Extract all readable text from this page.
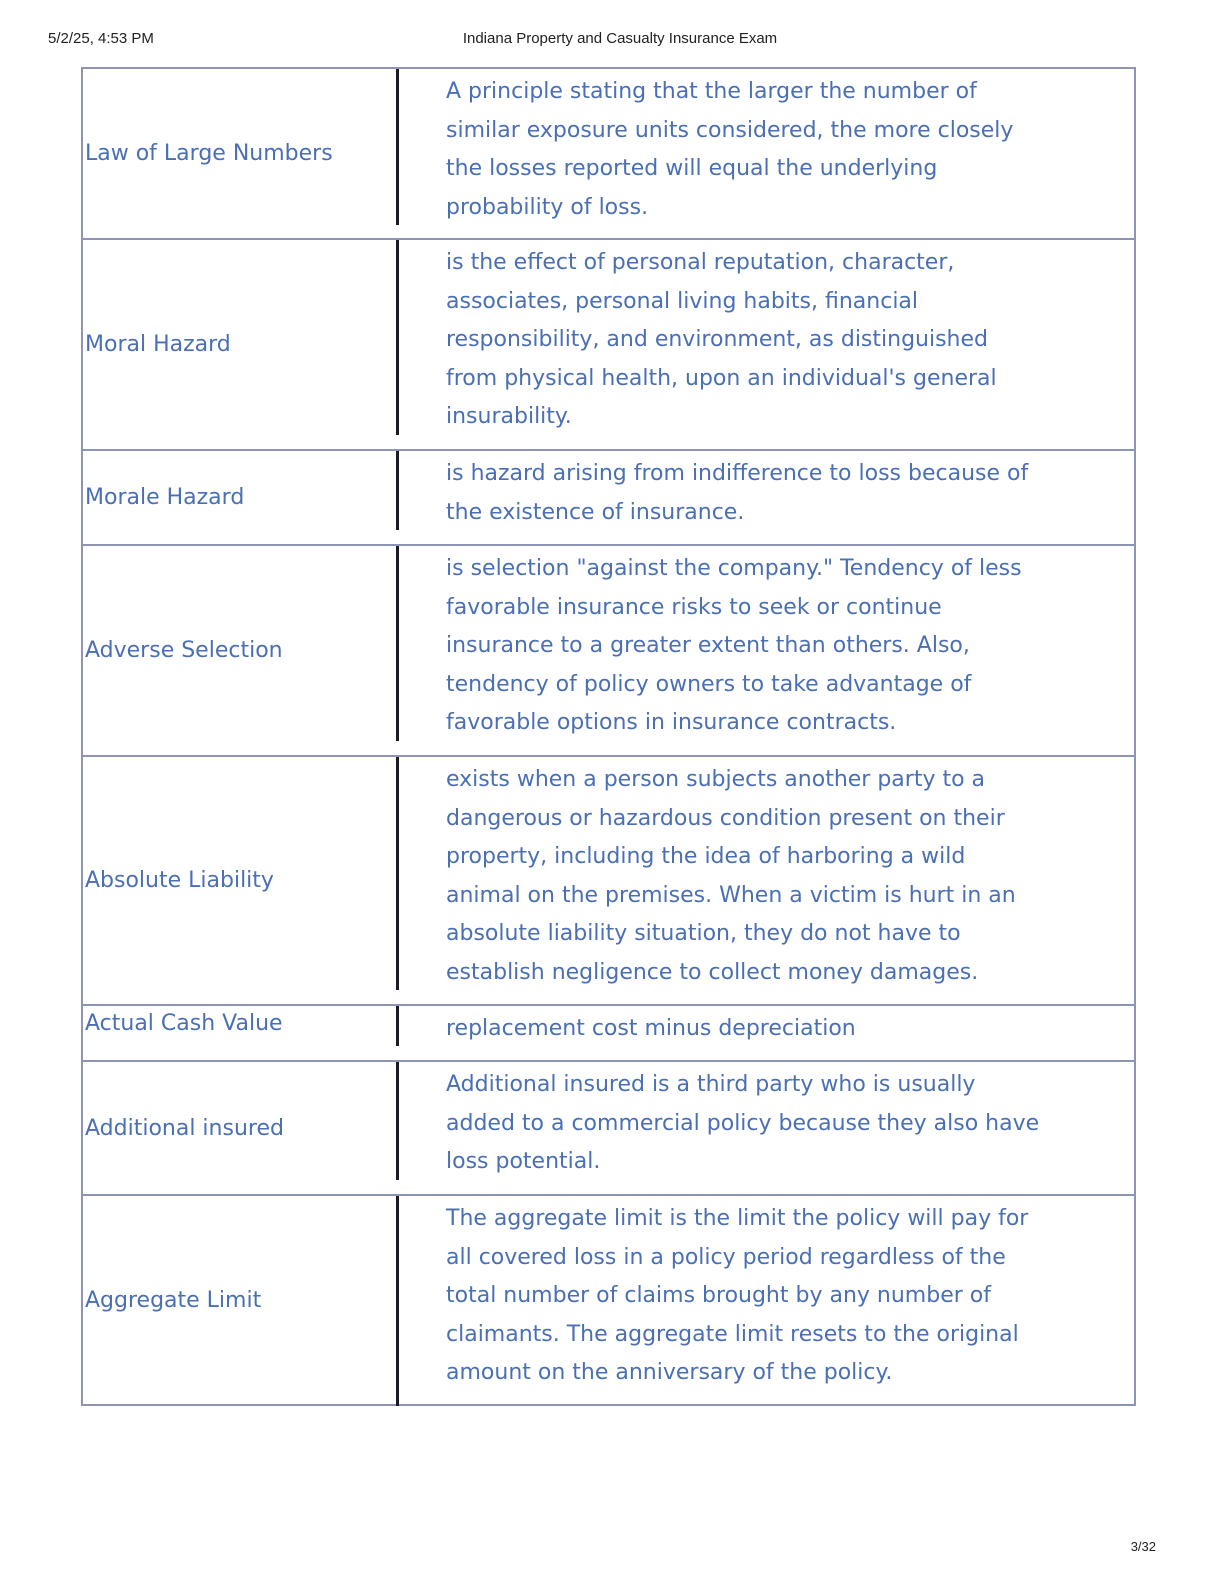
5/2/25, 4:53 PM	Indiana Property and Casualty Insurance Exam
Law of Large Numbers
A principle stating that the larger the number of similar exposure units considered, the more closely the losses reported will equal the underlying probability of loss.
Moral Hazard
is the effect of personal reputation, character, associates, personal living habits, financial responsibility, and environment, as distinguished from physical health, upon an individual's general insurability.
Morale Hazard
is hazard arising from indifference to loss because of the existence of insurance.
Adverse Selection
is selection "against the company." Tendency of less favorable insurance risks to seek or continue insurance to a greater extent than others. Also, tendency of policy owners to take advantage of favorable options in insurance contracts.
Absolute Liability
exists when a person subjects another party to a dangerous or hazardous condition present on their property, including the idea of harboring a wild animal on the premises. When a victim is hurt in an absolute liability situation, they do not have to establish negligence to collect money damages.
Actual Cash Value	replacement cost minus depreciation
Additional insured
Additional insured is a third party who is usually added to a commercial policy because they also have loss potential.
Aggregate Limit
The aggregate limit is the limit the policy will pay for all covered loss in a policy period regardless of the total number of claims brought by any number of claimants. The aggregate limit resets to the original amount on the anniversary of the policy.
3/32
